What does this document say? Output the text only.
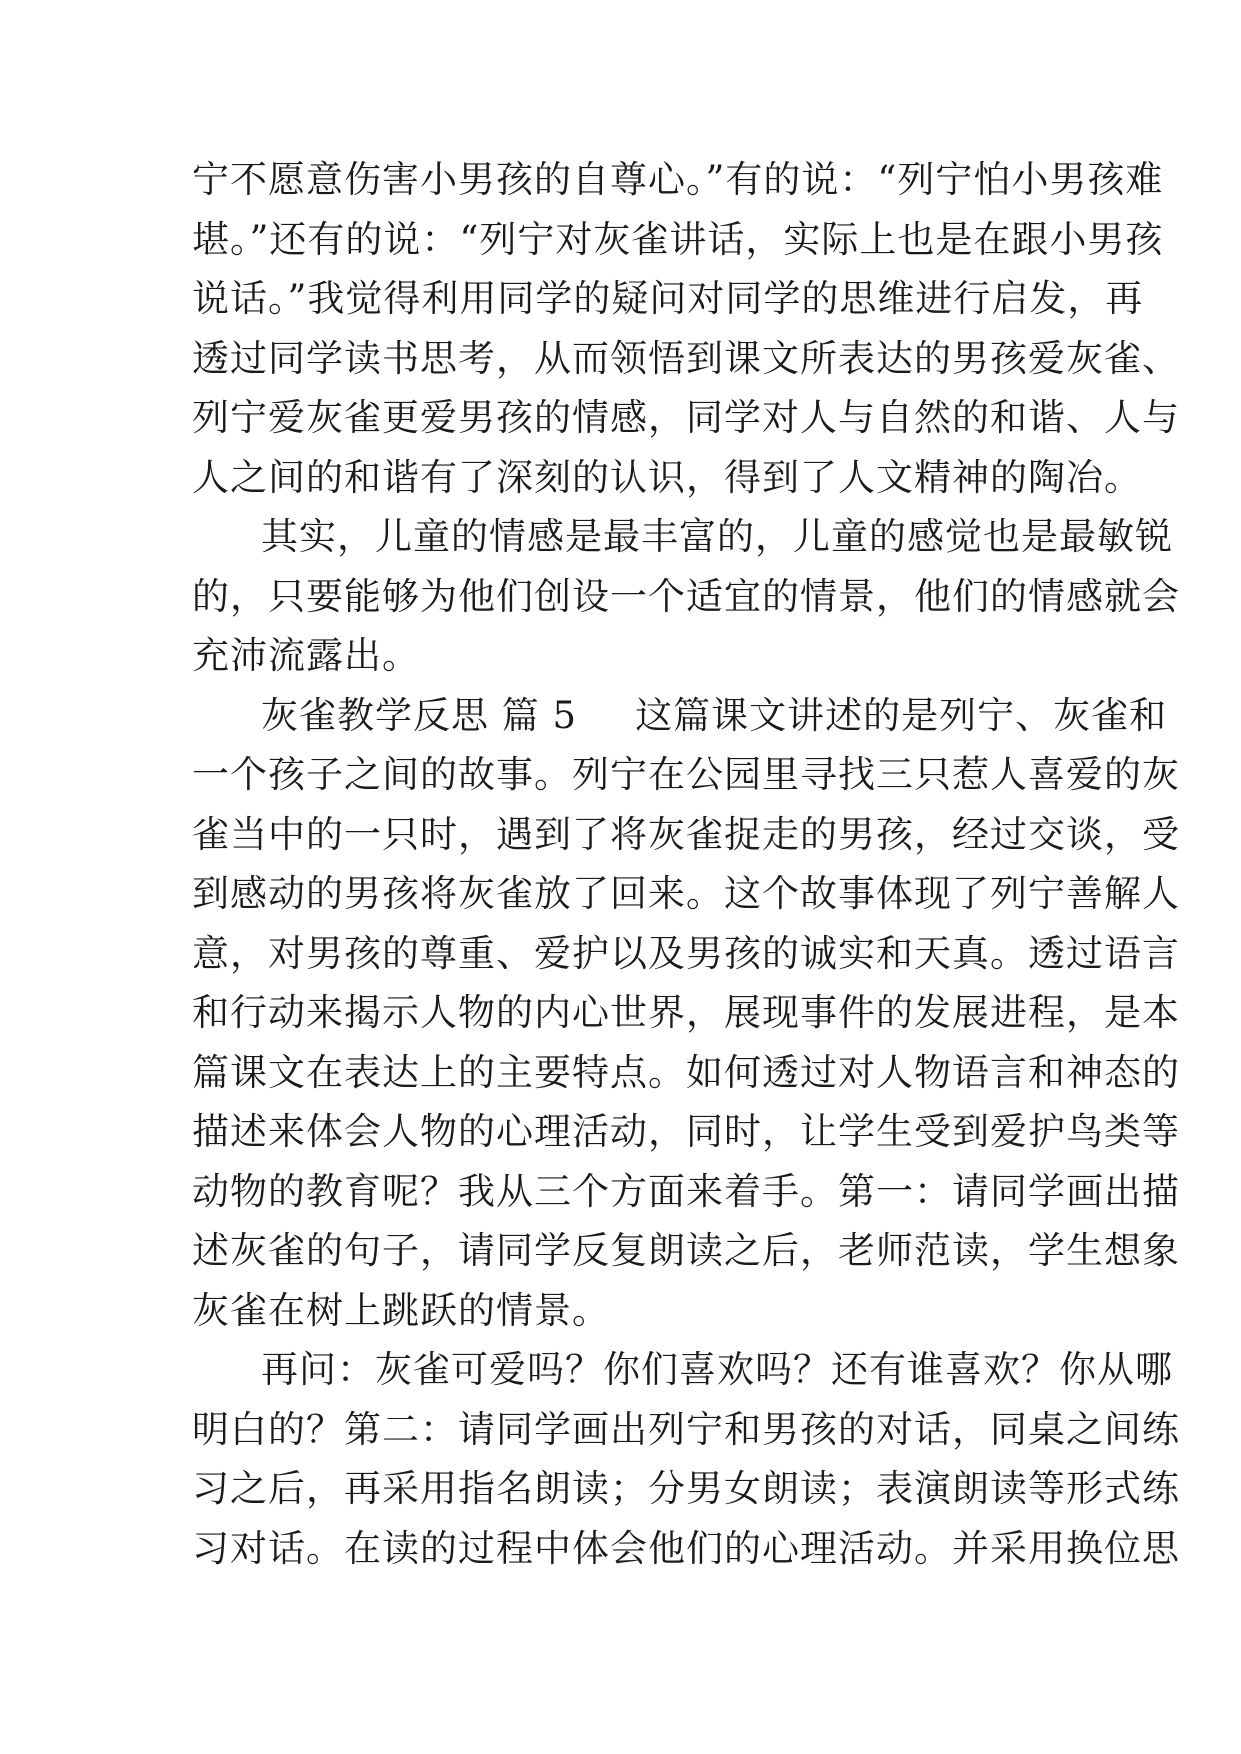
宁不愿意伤害小男孩的自尊心。”有的说：“列宁怕小男孩难
堪。”还有的说：“列宁对灰雀讲话，实际上也是在跟小男孩
说话。”我觉得利用同学的疑问对同学的思维进行启发，再
透过同学读书思考，从而领悟到课文所表达的男孩爱灰雀、
列宁爱灰雀更爱男孩的情感，同学对人与自然的和谐、人与
人之间的和谐有了深刻的认识，得到了人文精神的陶冶。
其实，儿童的情感是最丰富的，儿童的感觉也是最敏锐
的，只要能够为他们创设一个适宜的情景，他们的情感就会
充沛流露出。
灰雀教学反思 篇 5 这篇课文讲述的是列宁、灰雀和
一个孩子之间的故事。列宁在公园里寻找三只惹人喜爱的灰
雀当中的一只时，遇到了将灰雀捉走的男孩，经过交谈，受
到感动的男孩将灰雀放了回来。这个故事体现了列宁善解人
意，对男孩的尊重、爱护以及男孩的诚实和天真。透过语言
和行动来揭示人物的内心世界，展现事件的发展进程，是本
篇课文在表达上的主要特点。如何透过对人物语言和神态的
描述来体会人物的心理活动，同时，让学生受到爱护鸟类等
动物的教育呢？我从三个方面来着手。第一：请同学画出描
述灰雀的句子，请同学反复朗读之后，老师范读，学生想象
灰雀在树上跳跃的情景。
再问：灰雀可爱吗？你们喜欢吗？还有谁喜欢？你从哪
明白的？第二：请同学画出列宁和男孩的对话，同桌之间练
习之后，再采用指名朗读；分男女朗读；表演朗读等形式练
习对话。在读的过程中体会他们的心理活动。并采用换位思
